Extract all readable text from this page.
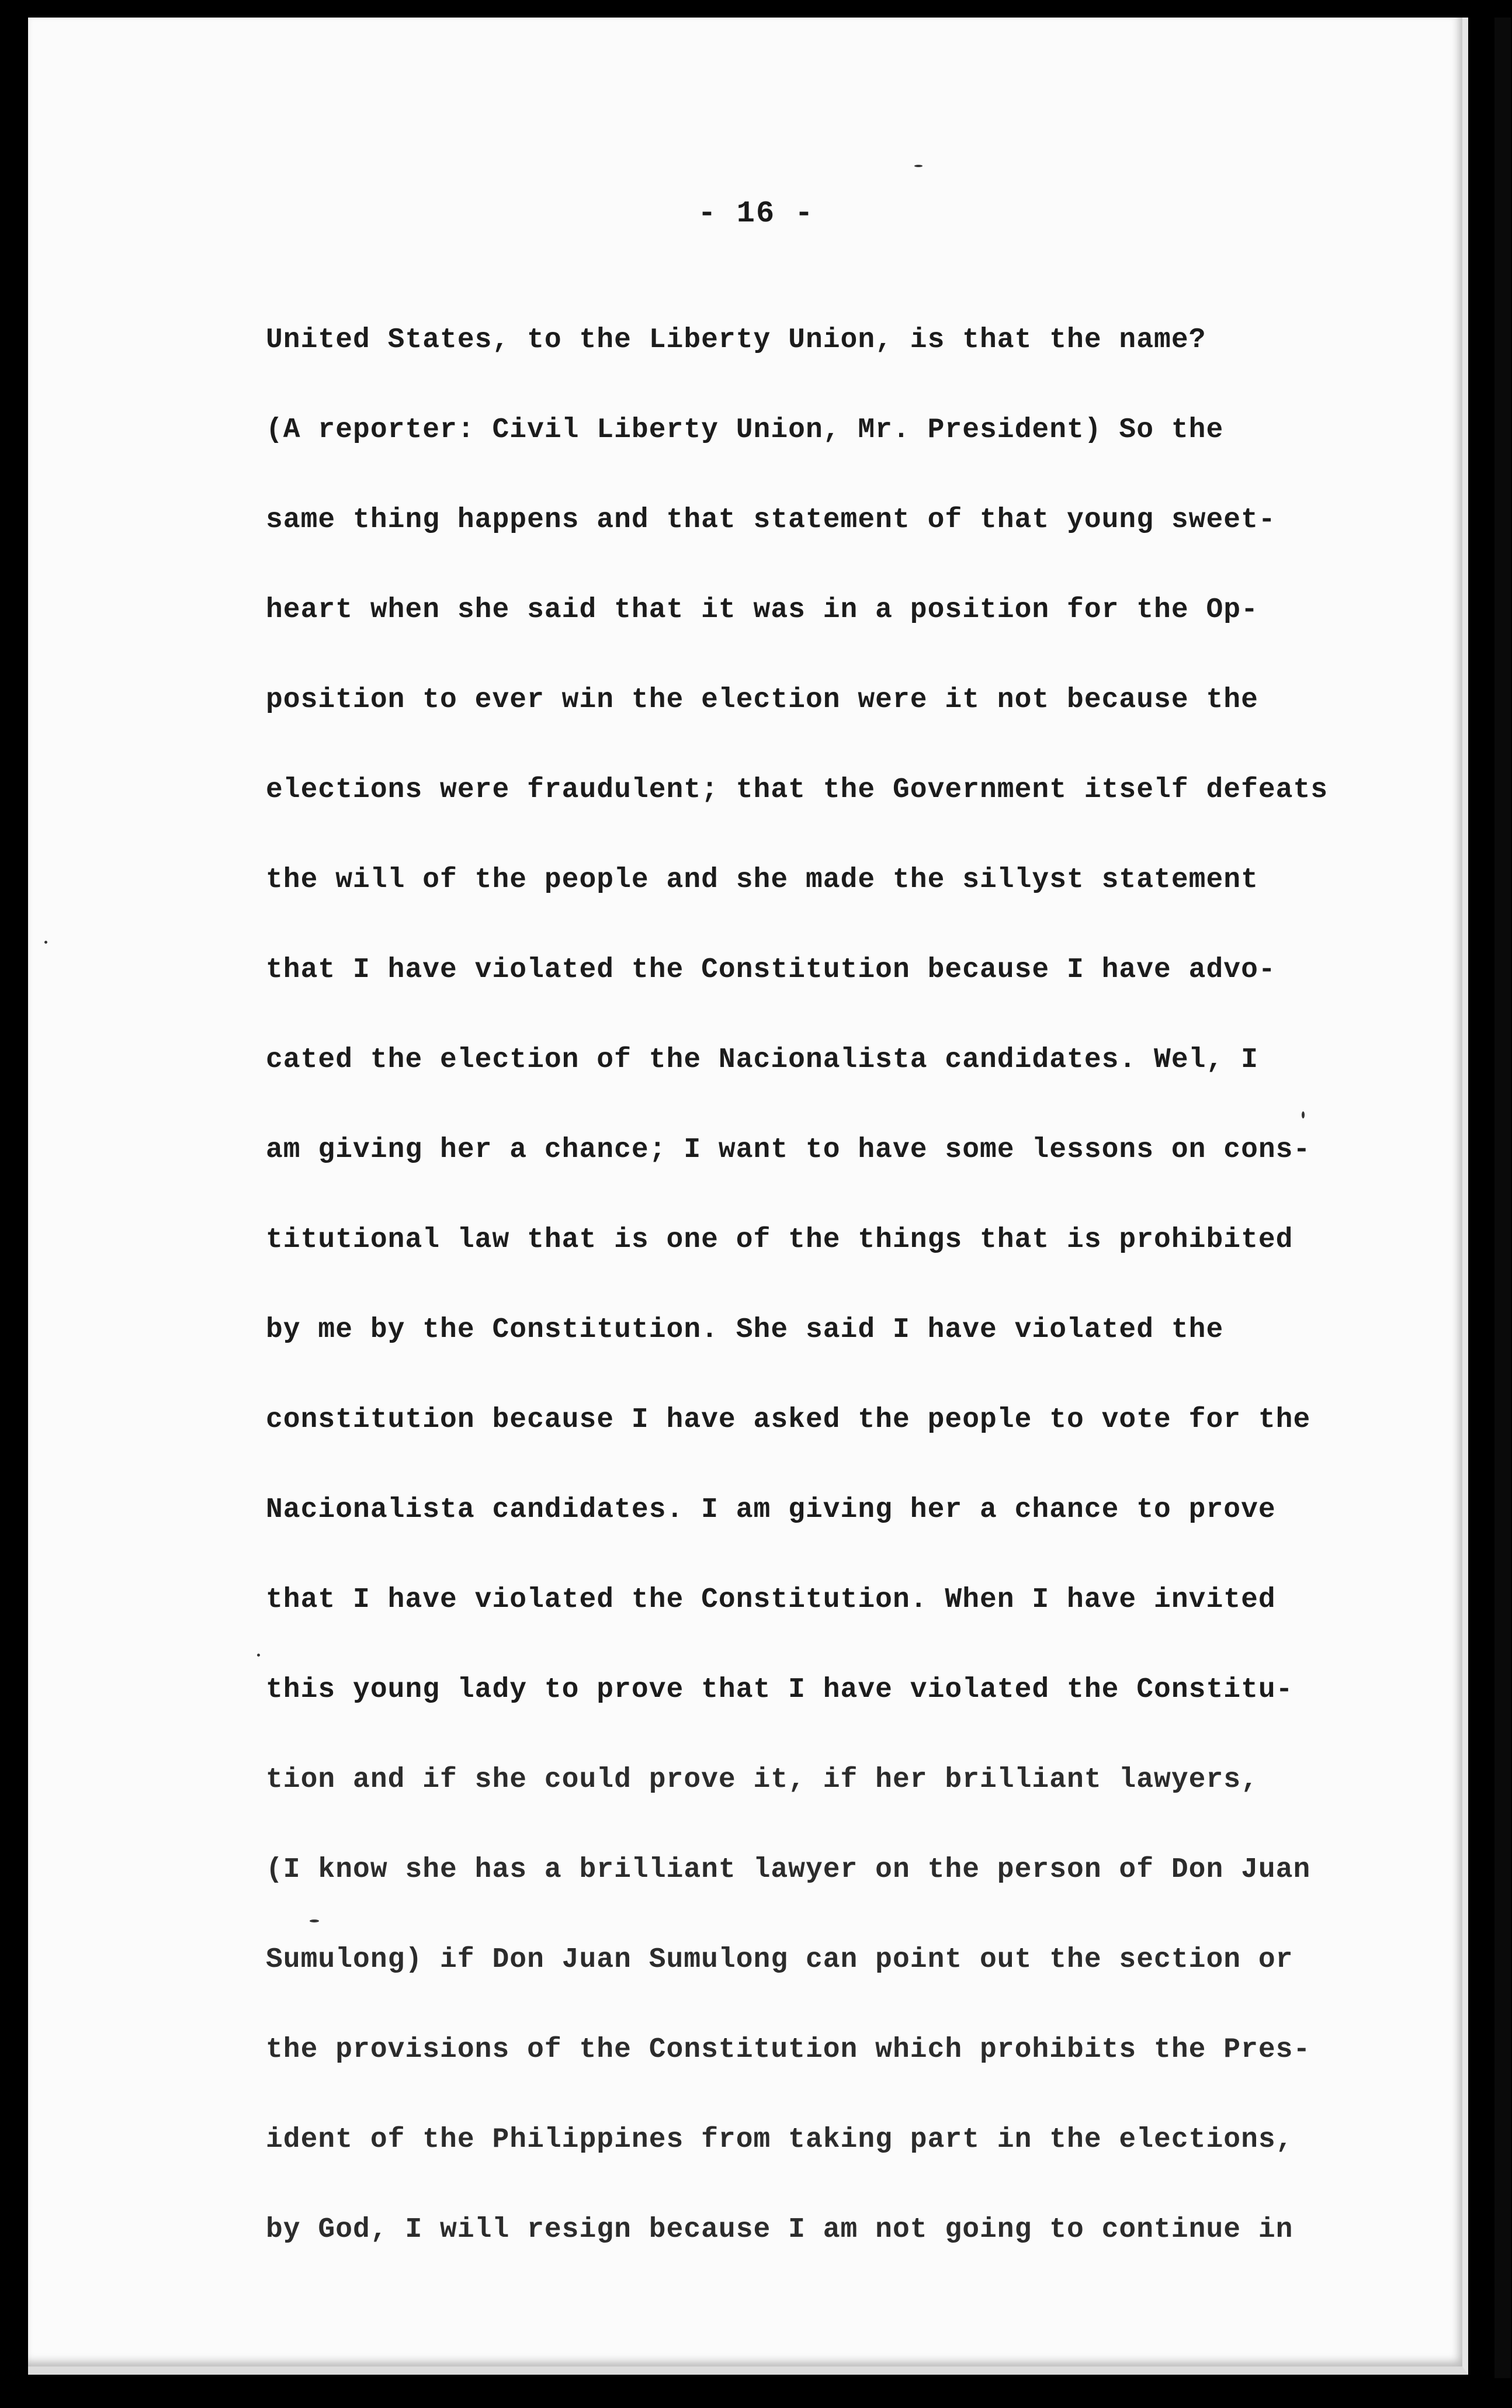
- 16 -
United States, to the Liberty Union, is that the name?
(A reporter: Civil Liberty Union, Mr. President) So the
same thing happens and that statement of that young sweet-
heart when she said that it was in a position for the Op-
position to ever win the election were it not because the
elections were fraudulent; that the Government itself defeats
the will of the people and she made the sillyst statement
that I have violated the Constitution because I have advo-
cated the election of the Nacionalista candidates. Wel, I
am giving her a chance; I want to have some lessons on cons-
titutional law that is one of the things that is prohibited
by me by the Constitution. She said I have violated the
constitution because I have asked the people to vote for the
Nacionalista candidates. I am giving her a chance to prove
that I have violated the Constitution. When I have invited
this young lady to prove that I have violated the Constitu-
tion and if she could prove it, if her brilliant lawyers,
(I know she has a brilliant lawyer on the person of Don Juan
Sumulong) if Don Juan Sumulong can point out the section or
the provisions of the Constitution which prohibits the Pres-
ident of the Philippines from taking part in the elections,
by God, I will resign because I am not going to continue in
